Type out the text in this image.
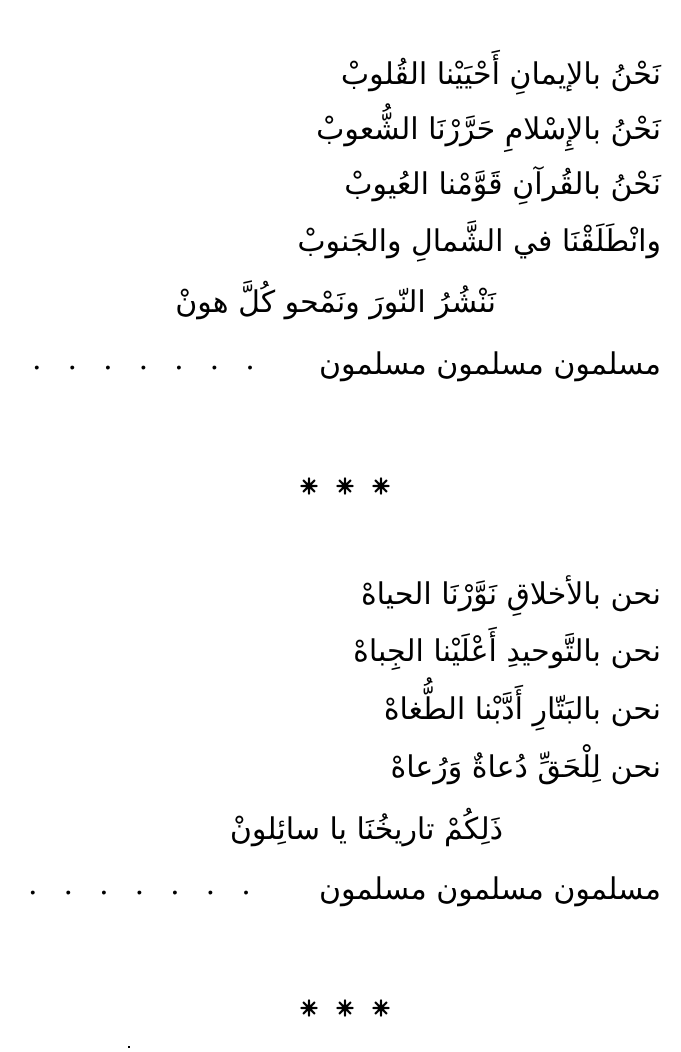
نَحْنُ بالإيمانِ أَحْيَيْنا القُلوبْ
نَحْنُ بالإِسْلامِ حَرَّرْنَا الشُّعوبْ
نَحْنُ بالقُرآنِ قَوَّمْنا العُيوبْ
وانْطَلَقْنَا في الشَّمالِ والجَنوبْ
نَنْشُرُ النّورَ ونَمْحو كُلَّ هونْ
مسلمون مسلمون مسلمون
.......
نحن بالأخلاقِ نَوَّرْنَا الحياهْ
نحن بالتَّوحيدِ أَعْلَيْنا الجِباهْ
نحن بالبَتّارِ أَدَّبْنا الطُّغاهْ
نحن لِلْحَقِّ دُعاةٌ وَرُعاهْ
ذَلِكُمْ تاريخُنَا يا سائِلونْ
مسلمون مسلمون مسلمون
.......
